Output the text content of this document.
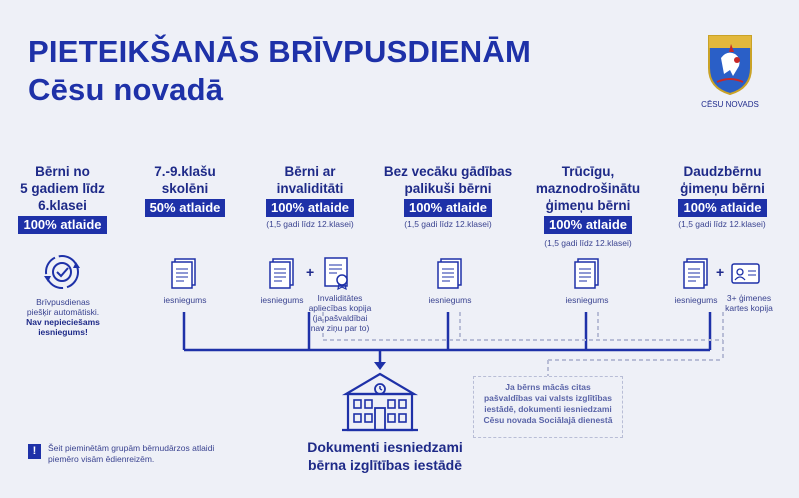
PIETEIKŠANĀS BRĪVPUSDIENĀM
Cēsu novadā	CĒSU NOVADS
Bērni no
5 gadiem līdz
6.klasei
100% atlaide
7.-9.klašu
skolēni
50% atlaide
Bērni ar
invaliditāti
100% atlaide
(1,5 gadi līdz 12.klasei)
Bez vecāku gādības
palikuši bērni
100% atlaide
(1,5 gadi līdz 12.klasei)
Trūcīgu,
maznodrošinātu
ģimeņu bērni
100% atlaide
(1,5 gadi līdz 12.klasei)
Daudzbērnu
ģimeņu bērni
100% atlaide
(1,5 gadi līdz 12.klasei)
Brīvpusdienas
piešķir automātiski.
Nav nepieciešams
iesniegums!
iesniegums	iesniegums
+
Invaliditātes
apliecības kopija
(ja pašvaldībai
nav ziņu par to)
iesniegums	iesniegums	iesniegums
+
3+ ģimenes
kartes kopija
Dokumenti iesniedzami
bērna izglītības iestādē
Ja bērns mācās citas
pašvaldības vai valsts izglītības
iestādē, dokumenti iesniedzami
Cēsu novada Sociālajā dienestā
!	Šeit pieminētām grupām bērnudārzos atlaidi
piemēro visām ēdienreizēm.
